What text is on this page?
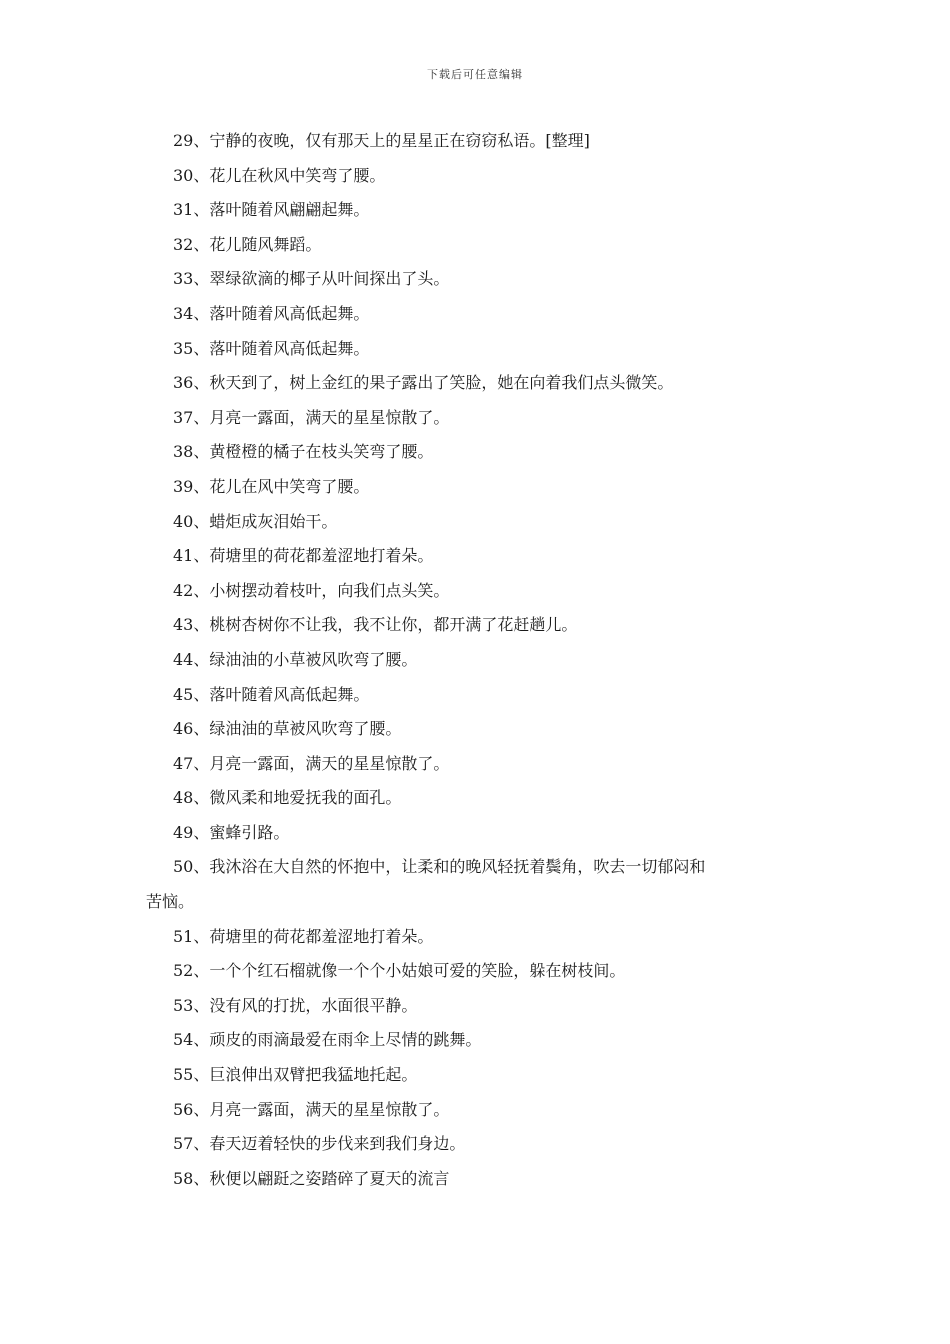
下载后可任意编辑
29、宁静的夜晚，仅有那天上的星星正在窃窃私语。[整理]
30、花儿在秋风中笑弯了腰。
31、落叶随着风翩翩起舞。
32、花儿随风舞蹈。
33、翠绿欲滴的椰子从叶间探出了头。
34、落叶随着风高低起舞。
35、落叶随着风高低起舞。
36、秋天到了，树上金红的果子露出了笑脸，她在向着我们点头微笑。
37、月亮一露面，满天的星星惊散了。
38、黄橙橙的橘子在枝头笑弯了腰。
39、花儿在风中笑弯了腰。
40、蜡炬成灰泪始干。
41、荷塘里的荷花都羞涩地打着朵。
42、小树摆动着枝叶，向我们点头笑。
43、桃树杏树你不让我，我不让你，都开满了花赶趟儿。
44、绿油油的小草被风吹弯了腰。
45、落叶随着风高低起舞。
46、绿油油的草被风吹弯了腰。
47、月亮一露面，满天的星星惊散了。
48、微风柔和地爱抚我的面孔。
49、蜜蜂引路。
50、我沐浴在大自然的怀抱中，让柔和的晚风轻抚着鬓角，吹去一切郁闷和
苦恼。
51、荷塘里的荷花都羞涩地打着朵。
52、一个个红石榴就像一个个小姑娘可爱的笑脸，躲在树枝间。
53、没有风的打扰，水面很平静。
54、顽皮的雨滴最爱在雨伞上尽情的跳舞。
55、巨浪伸出双臂把我猛地托起。
56、月亮一露面，满天的星星惊散了。
57、春天迈着轻快的步伐来到我们身边。
58、秋便以翩跹之姿踏碎了夏天的流言
